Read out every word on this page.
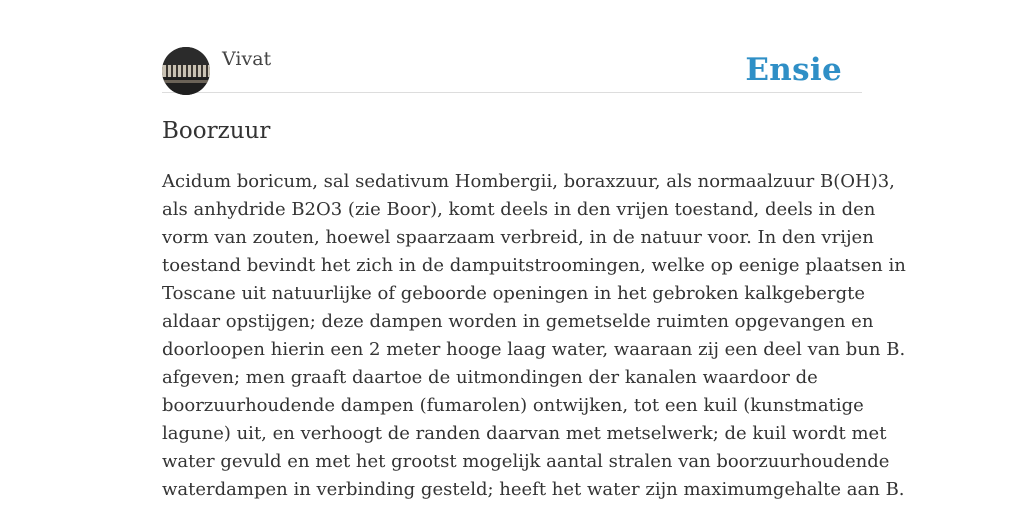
Vivat	Ensie
Boorzuur
Acidum boricum, sal sedativum Hombergii, boraxzuur, als normaalzuur B(OH)3,
als anhydride B2O3 (zie Boor), komt deels in den vrijen toestand, deels in den
vorm van zouten, hoewel spaarzaam verbreid, in de natuur voor. In den vrijen
toestand bevindt het zich in de dampuitstroomingen, welke op eenige plaatsen in
Toscane uit natuurlijke of geboorde openingen in het gebroken kalkgebergte
aldaar opstijgen; deze dampen worden in gemetselde ruimten opgevangen en
doorloopen hierin een 2 meter hooge laag water, waaraan zij een deel van bun B.
afgeven; men graaft daartoe de uitmondingen der kanalen waardoor de
boorzuurhoudende dampen (fumarolen) ontwijken, tot een kuil (kunstmatige
lagune) uit, en verhoogt de randen daarvan met metselwerk; de kuil wordt met
water gevuld en met het grootst mogelijk aantal stralen van boorzuurhoudende
waterdampen in verbinding gesteld; heeft het water zijn maximumgehalte aan B.
